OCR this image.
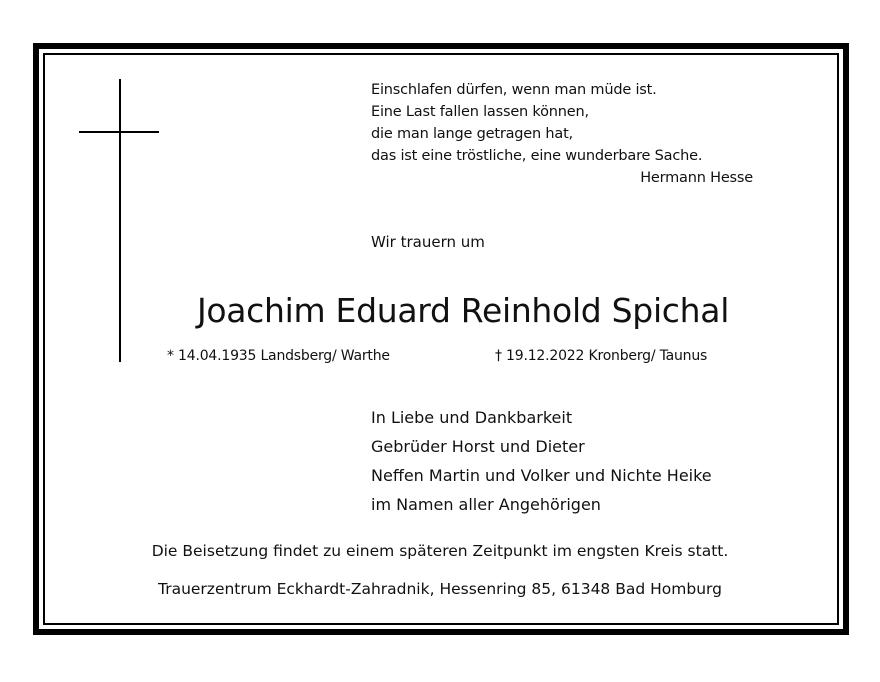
Einschlafen dürfen, wenn man müde ist.
Eine Last fallen lassen können,
die man lange getragen hat,
das ist eine tröstliche, eine wunderbare Sache.
Hermann Hesse
Wir trauern um
Joachim Eduard Reinhold Spichal
* 14.04.1935 Landsberg/ Warthe	† 19.12.2022 Kronberg/ Taunus
In Liebe und Dankbarkeit
Gebrüder Horst und Dieter
Neffen Martin und Volker und Nichte Heike
im Namen aller Angehörigen
Die Beisetzung findet zu einem späteren Zeitpunkt im engsten Kreis statt.
Trauerzentrum Eckhardt-Zahradnik, Hessenring 85, 61348 Bad Homburg
